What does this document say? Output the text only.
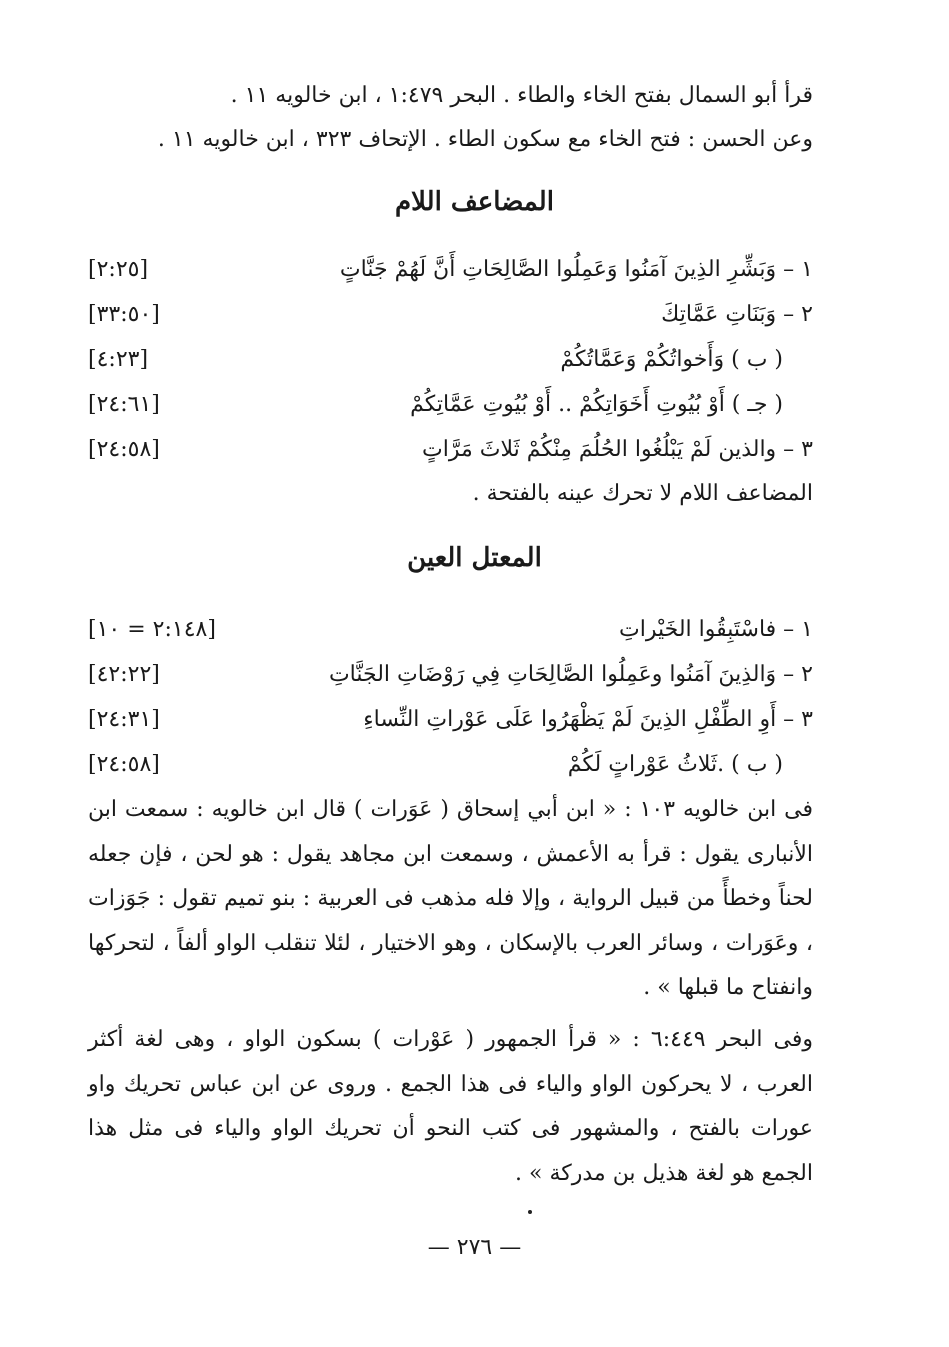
قرأ أبو السمال بفتح الخاء والطاء . البحر ١:٤٧٩ ، ابن خالويه ١١ .
وعن الحسن : فتح الخاء مع سكون الطاء . الإتحاف ٣٢٣ ، ابن خالويه ١١ .
المضاعف اللام
١ – وَبَشِّرِ الذِينَ آمَنُوا وَعَمِلُوا الصَّالِحَاتِ أَنَّ لَهُمْ جَنَّاتٍ
[٢:٢٥]
٢ – وَبَنَاتِ عَمَّاتِكَ
[٣٣:٥٠]
( ب ) وَأَخواتُكُمْ وَعَمَّاتُكُمْ
[٤:٢٣]
( جـ ) أَوْ بُيُوتِ أَخَوَاتِكُمْ .. أَوْ بُيُوتِ عَمَّاتِكُمْ
[٢٤:٦١]
٣ – والذين لَمْ يَبْلُغُوا الحُلُمَ مِنْكُمْ ثَلاثَ مَرَّاتٍ
[٢٤:٥٨]
المضاعف اللام لا تحرك عينه بالفتحة .
المعتل العين
١ – فاسْتَبِقُوا الخَيْراتِ
[٢:١٤٨ = ١٠]
٢ – وَالذِينَ آمَنُوا وعَمِلُوا الصَّالِحَاتِ فِي رَوْضَاتِ الجَنَّاتِ
[٤٢:٢٢]
٣ – أَوِ الطِّفْلِ الذِينَ لَمْ يَظْهَرُوا عَلَى عَوْراتِ النِّساءِ
[٢٤:٣١]
( ب ) .ثَلاثُ عَوْراتٍ لَكُمْ
[٢٤:٥٨]
فى ابن خالويه ١٠٣ : « ابن أبي إسحاق ( عَوَرات ) قال ابن خالويه : سمعت ابن الأنبارى يقول : قرأ به الأعمش ، وسمعت ابن مجاهد يقول : هو لحن ، فإن جعله لحناً وخطأً من قبيل الرواية ، وإلا فله مذهب فى العربية : بنو تميم تقول : جَوَزات ، وعَوَرات ، وسائر العرب بالإسكان ، وهو الاختيار ، لئلا تنقلب الواو ألفاً ، لتحركها وانفتاح ما قبلها » .
وفى البحر ٦:٤٤٩ : « قرأ الجمهور ( عَوْرات ) بسكون الواو ، وهى لغة أكثر العرب ، لا يحركون الواو والياء فى هذا الجمع . وروى عن ابن عباس تحريك واو عورات بالفتح ، والمشهور فى كتب النحو أن تحريك الواو والياء فى مثل هذا الجمع هو لغة هذيل بن مدركة » .
— ٢٧٦ —
